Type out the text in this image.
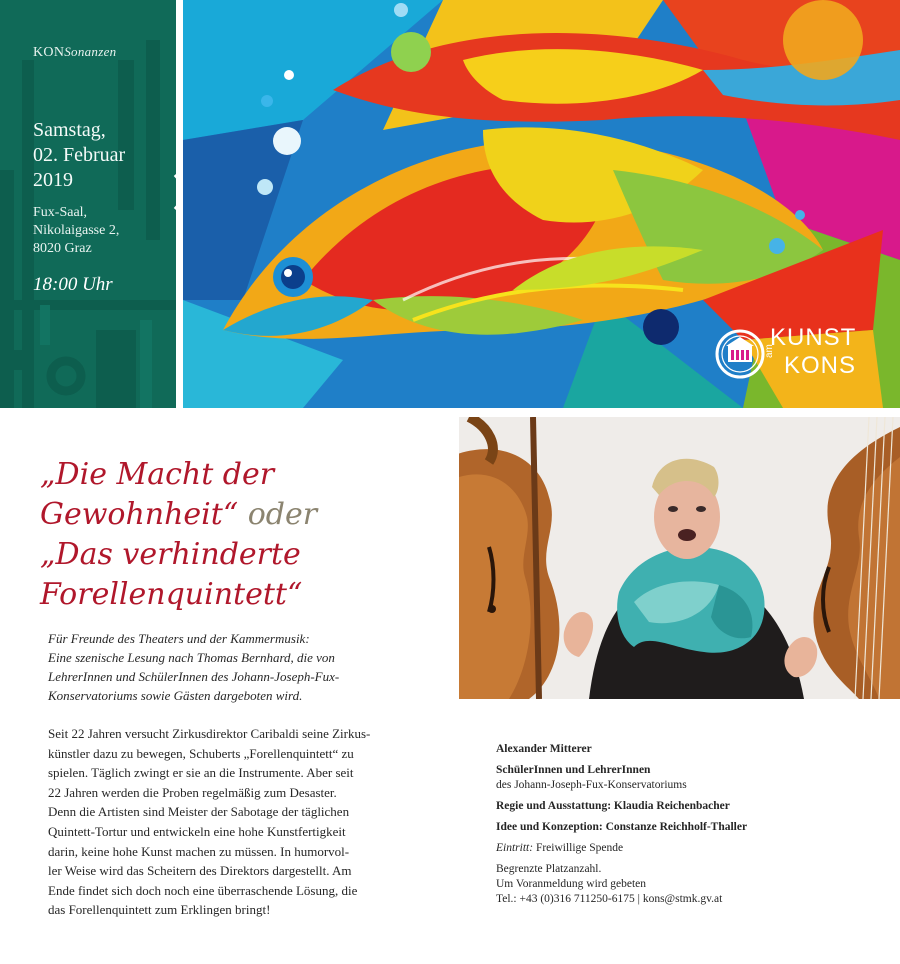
KONSonanzen
Samstag,
02. Februar
2019
Fux-Saal,
Nikolaigasse 2,
8020 Graz
18:00 Uhr
KUNST
am
KONS
„Die Macht der
Gewohnheit“ oder
„Das verhinderte
Forellenquintett“
Für Freunde des Theaters und der Kammermusik:
Eine szenische Lesung nach Thomas Bernhard, die von
LehrerInnen und SchülerInnen des Johann-Joseph-Fux-
Konservatoriums sowie Gästen dargeboten wird.
Seit 22 Jahren versucht Zirkusdirektor Caribaldi seine Zirkus-
künstler dazu zu bewegen, Schuberts „Forellenquintett“ zu
spielen. Täglich zwingt er sie an die Instrumente. Aber seit
22 Jahren werden die Proben regelmäßig zum Desaster.
Denn die Artisten sind Meister der Sabotage der täglichen
Quintett-Tortur und entwickeln eine hohe Kunstfertigkeit
darin, keine hohe Kunst machen zu müssen. In humorvol-
ler Weise wird das Scheitern des Direktors dargestellt. Am
Ende findet sich doch noch eine überraschende Lösung, die
das Forellenquintett zum Erklingen bringt!
Alexander Mitterer
SchülerInnen und LehrerInnen
des Johann-Joseph-Fux-Konservatoriums
Regie und Ausstattung: Klaudia Reichenbacher
Idee und Konzeption: Constanze Reichholf-Thaller
Eintritt: Freiwillige Spende
Begrenzte Platzanzahl.
Um Voranmeldung wird gebeten
Tel.: +43 (0)316 711250-6175 | kons@stmk.gv.at
